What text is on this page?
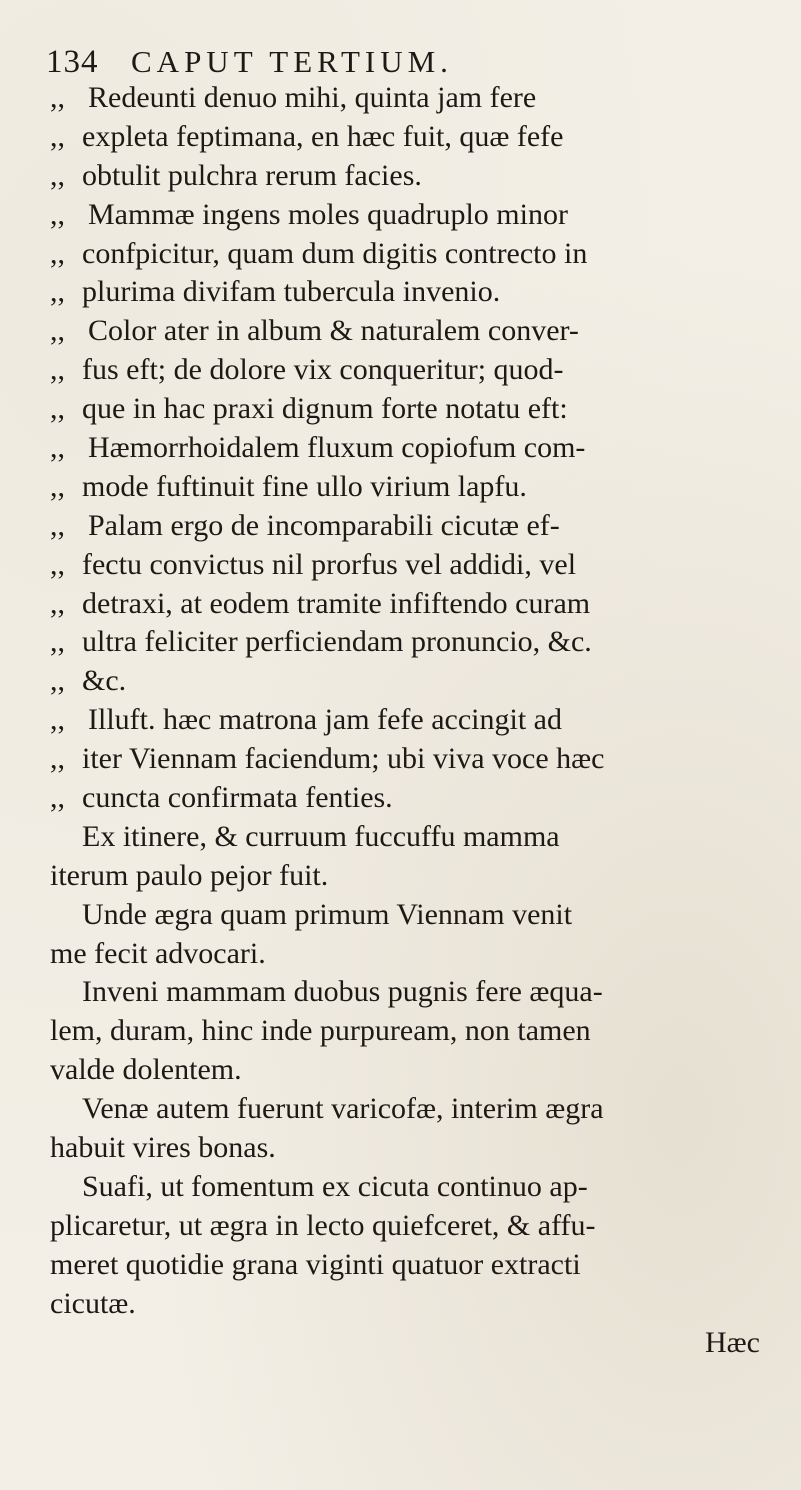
134 CAPUT TERTIUM.
,, Redeunti denuo mihi, quinta jam fere
,, expleta feptimana, en hæc fuit, quæ fefe
,, obtulit pulchra rerum facies.
,, Mammæ ingens moles quadruplo minor
,, confpicitur, quam dum digitis contrecto in
,, plurima divifam tubercula invenio.
,, Color ater in album & naturalem conver-
,, fus eft; de dolore vix conqueritur; quod-
,, que in hac praxi dignum forte notatu eft:
,, Hæmorrhoidalem fluxum copiofum com-
,, mode fuftinuit fine ullo virium lapfu.
,, Palam ergo de incomparabili cicutæ ef-
,, fectu convictus nil prorfus vel addidi, vel
,, detraxi, at eodem tramite infiftendo curam
,, ultra feliciter perficiendam pronuncio, &c.
,, &c.
,, Illuft. hæc matrona jam fefe accingit ad
,, iter Viennam faciendum; ubi viva voce hæc
,, cuncta confirmata fenties.
Ex itinere, & curruum fuccuffu mamma
iterum paulo pejor fuit.
Unde ægra quam primum Viennam venit
me fecit advocari.
Inveni mammam duobus pugnis fere æqua-
lem, duram, hinc inde purpuream, non tamen
valde dolentem.
Venæ autem fuerunt varicofæ, interim ægra
habuit vires bonas.
Suafi, ut fomentum ex cicuta continuo ap-
plicaretur, ut ægra in lecto quiefceret, & affu-
meret quotidie grana viginti quatuor extracti
cicutæ.
Hæc
